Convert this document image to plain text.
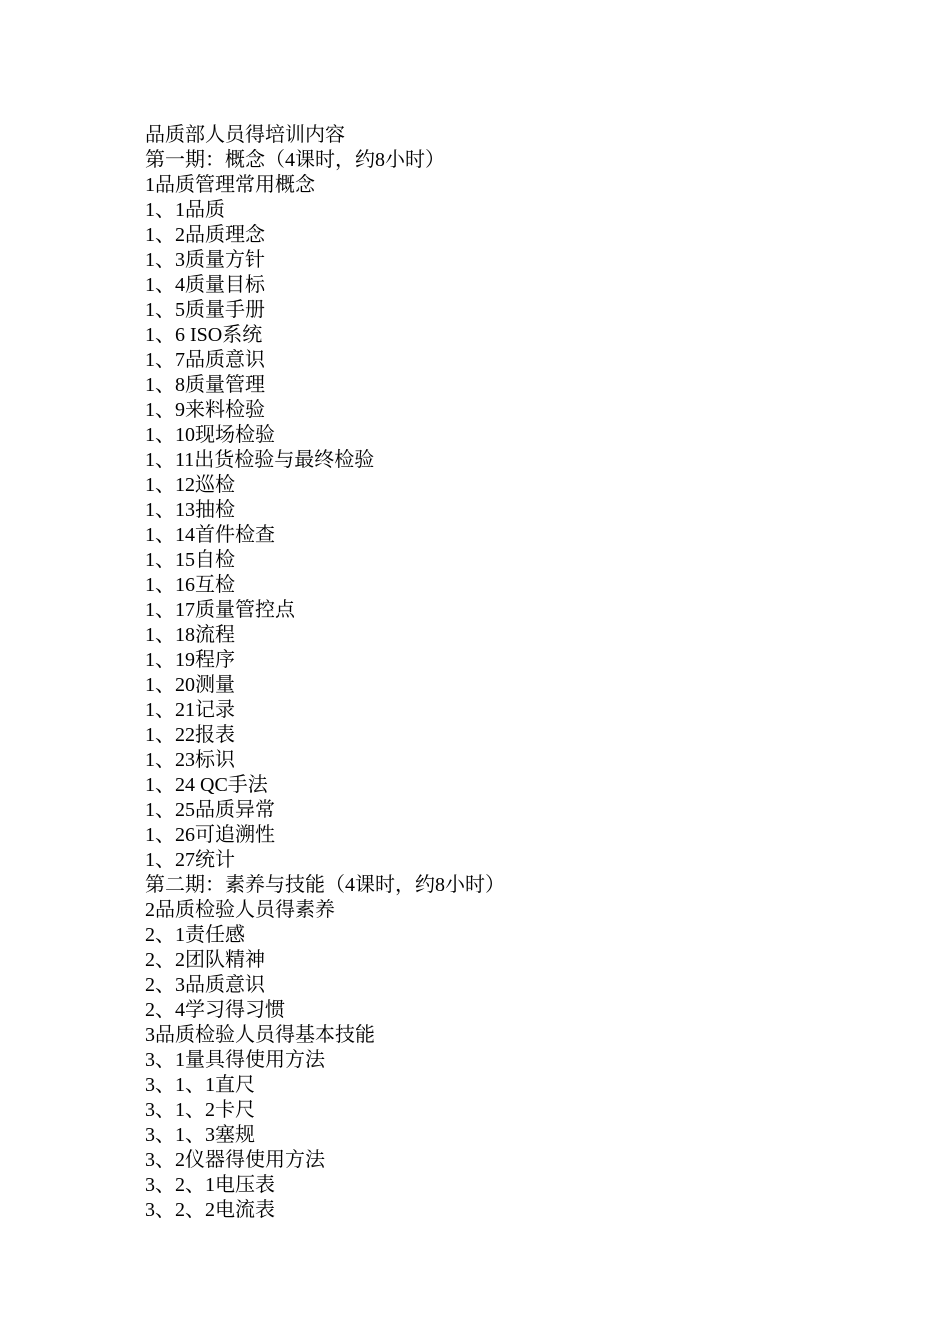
品质部人员得培训内容
第一期：概念（4课时，约8小时）
1品质管理常用概念
1、1品质
1、2品质理念
1、3质量方针
1、4质量目标
1、5质量手册
1、6 ISO系统
1、7品质意识
1、8质量管理
1、9来料检验
1、10现场检验
1、11出货检验与最终检验
1、12巡检
1、13抽检
1、14首件检查
1、15自检
1、16互检
1、17质量管控点
1、18流程
1、19程序
1、20测量
1、21记录
1、22报表
1、23标识
1、24 QC手法
1、25品质异常
1、26可追溯性
1、27统计
第二期：素养与技能（4课时，约8小时）
2品质检验人员得素养
2、1责任感
2、2团队精神
2、3品质意识
2、4学习得习惯
3品质检验人员得基本技能
3、1量具得使用方法
3、1、1直尺
3、1、2卡尺
3、1、3塞规
3、2仪器得使用方法
3、2、1电压表
3、2、2电流表
